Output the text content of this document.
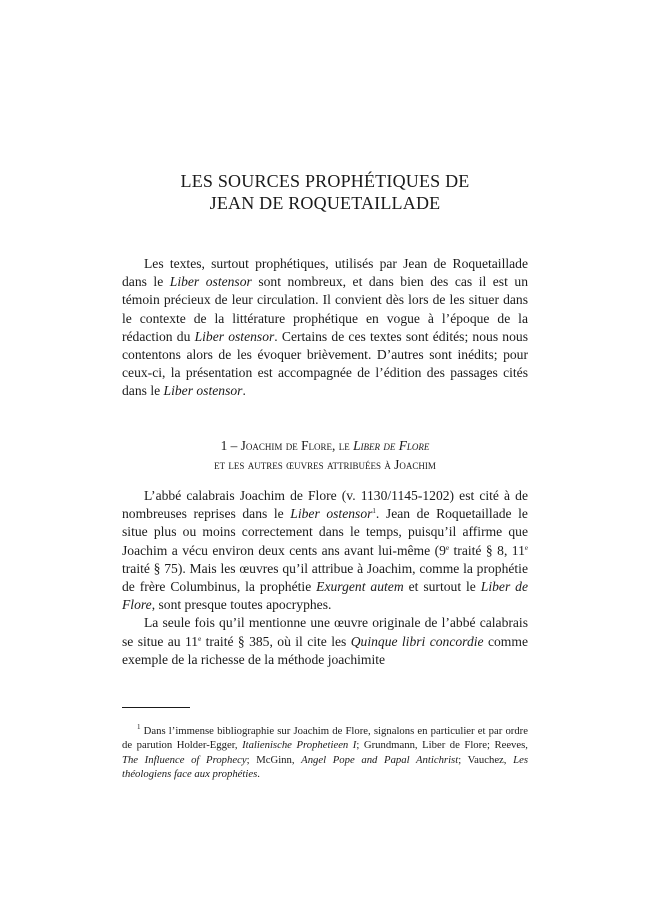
LES SOURCES PROPHÉTIQUES DE
JEAN DE ROQUETAILLADE

Les textes, surtout prophétiques, utilisés par Jean de Roquetaillade dans le Liber ostensor sont nombreux, et dans bien des cas il est un témoin précieux de leur circulation. Il convient dès lors de les situer dans le contexte de la littérature prophétique en vogue à l’époque de la rédaction du Liber ostensor. Certains de ces textes sont édités; nous nous contentons alors de les évoquer brièvement. D’autres sont inédits; pour ceux-ci, la présentation est accompagnée de l’édition des passages cités dans le Liber ostensor.

1 – Joachim de Flore, le Liber de Flore
et les autres œuvres attribuées à Joachim

L’abbé calabrais Joachim de Flore (v. 1130/1145-1202) est cité à de nombreuses reprises dans le Liber ostensor$^1$. Jean de Roquetaillade le situe plus ou moins correctement dans le temps, puisqu’il affirme que Joachim a vécu environ deux cents ans avant lui-même (9e traité § 8, 11e traité § 75). Mais les œuvres qu’il attribue à Joachim, comme la prophétie de frère Columbinus, la prophétie Exurgent autem et surtout le Liber de Flore, sont presque toutes apocryphes.

La seule fois qu’il mentionne une œuvre originale de l’abbé calabrais se situe au 11e traité § 385, où il cite les Quinque libri concordie comme exemple de la richesse de la méthode joachimite

$^1$ Dans l’immense bibliographie sur Joachim de Flore, signalons en particulier et par ordre de parution Holder-Egger, Italienische Prophetieen I; Grundmann, Liber de Flore; Reeves, The Influence of Prophecy; McGinn, Angel Pope and Papal Antichrist; Vauchez, Les théologiens face aux prophéties.
